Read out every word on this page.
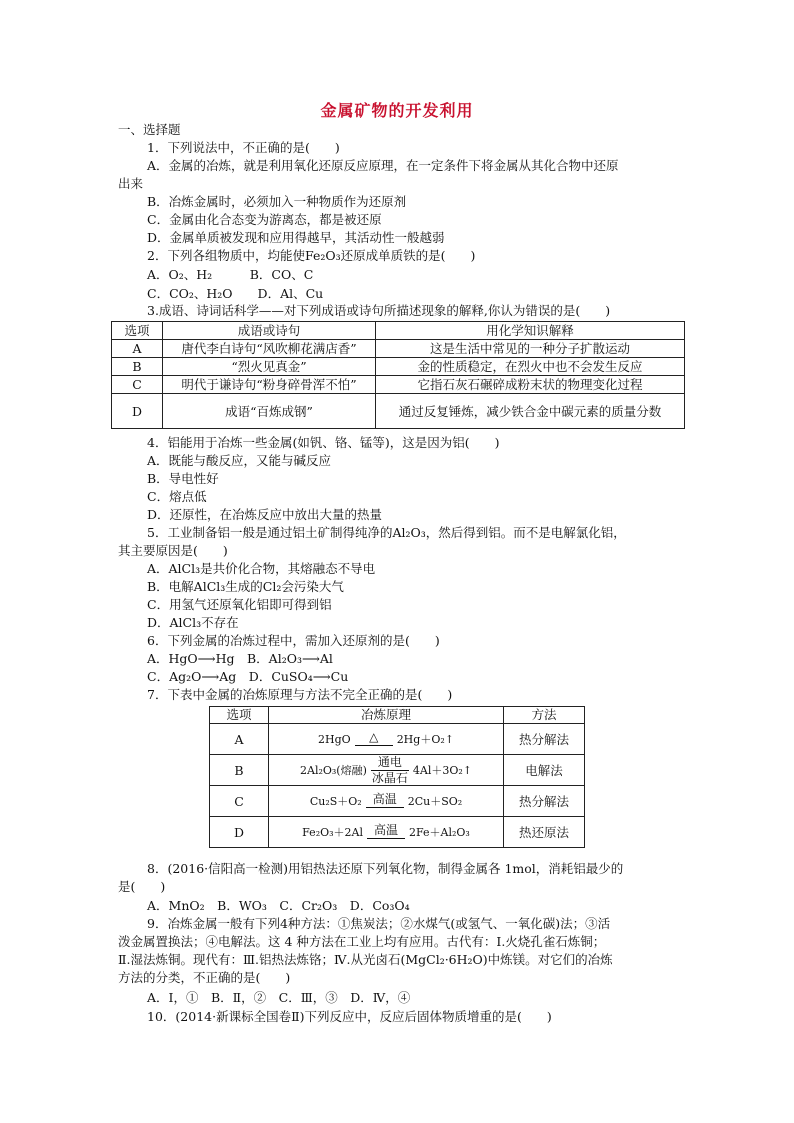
金属矿物的开发利用
一、选择题
1．下列说法中，不正确的是(　　)
A．金属的冶炼，就是利用氧化还原反应原理，在一定条件下将金属从其化合物中还原
出来
B．冶炼金属时，必须加入一种物质作为还原剂
C．金属由化合态变为游离态，都是被还原
D．金属单质被发现和应用得越早，其活动性一般越弱
2．下列各组物质中，均能使Fe₂O₃还原成单质铁的是(　　)
A．O₂、H₂　　　B．CO、C
C．CO₂、H₂O　　D．Al、Cu
3.成语、诗词话科学——对下列成语或诗句所描述现象的解释,你认为错误的是(　　)
选项	成语或诗句	用化学知识解释
A	唐代李白诗句“风吹柳花满店香”	这是生活中常见的一种分子扩散运动
B	“烈火见真金”	金的性质稳定，在烈火中也不会发生反应
C	明代于谦诗句“粉身碎骨浑不怕”	它指石灰石碾碎成粉末状的物理变化过程
D	成语“百炼成钢”	通过反复锤炼，减少铁合金中碳元素的质量分数
4．铝能用于冶炼一些金属(如钒、铬、锰等)，这是因为铝(　　)
A．既能与酸反应，又能与碱反应
B．导电性好
C．熔点低
D．还原性，在冶炼反应中放出大量的热量
5．工业制备铝一般是通过铝土矿制得纯净的Al₂O₃，然后得到铝。而不是电解氯化铝，
其主要原因是(　　)
A．AlCl₃是共价化合物，其熔融态不导电
B．电解AlCl₃生成的Cl₂会污染大气
C．用氢气还原氧化铝即可得到铝
D．AlCl₃不存在
6．下列金属的冶炼过程中，需加入还原剂的是(　　)
A．HgO⟶Hg　B．Al₂O₃⟶Al
C．Ag₂O⟶Ag　D．CuSO₄⟶Cu
7．下表中金属的冶炼原理与方法不完全正确的是(　　)
选项	冶炼原理	方法
A	2HgO △ 2Hg＋O₂↑	热分解法
B	2Al₂O₃(熔融)
通电
冰晶石 4Al＋3O₂↑	电解法
C	Cu₂S＋O₂ 高温 2Cu＋SO₂	热分解法
D	Fe₂O₃＋2Al 高温 2Fe＋Al₂O₃	热还原法
8．(2016·信阳高一检测)用铝热法还原下列氧化物，制得金属各 1mol，消耗铝最少的
是(　　)
A．MnO₂　B．WO₃　C．Cr₂O₃　D．Co₃O₄
9．冶炼金属一般有下列4种方法：①焦炭法；②水煤气(或氢气、一氧化碳)法；③活
泼金属置换法；④电解法。这 4 种方法在工业上均有应用。古代有：Ⅰ.火烧孔雀石炼铜；
Ⅱ.湿法炼铜。现代有：Ⅲ.铝热法炼铬；Ⅳ.从光卤石(MgCl₂·6H₂O)中炼镁。对它们的冶炼
方法的分类，不正确的是(　　)
A．Ⅰ，①　B．Ⅱ，②　C．Ⅲ，③　D．Ⅳ，④
10．(2014·新课标全国卷Ⅱ)下列反应中，反应后固体物质增重的是(　　)
